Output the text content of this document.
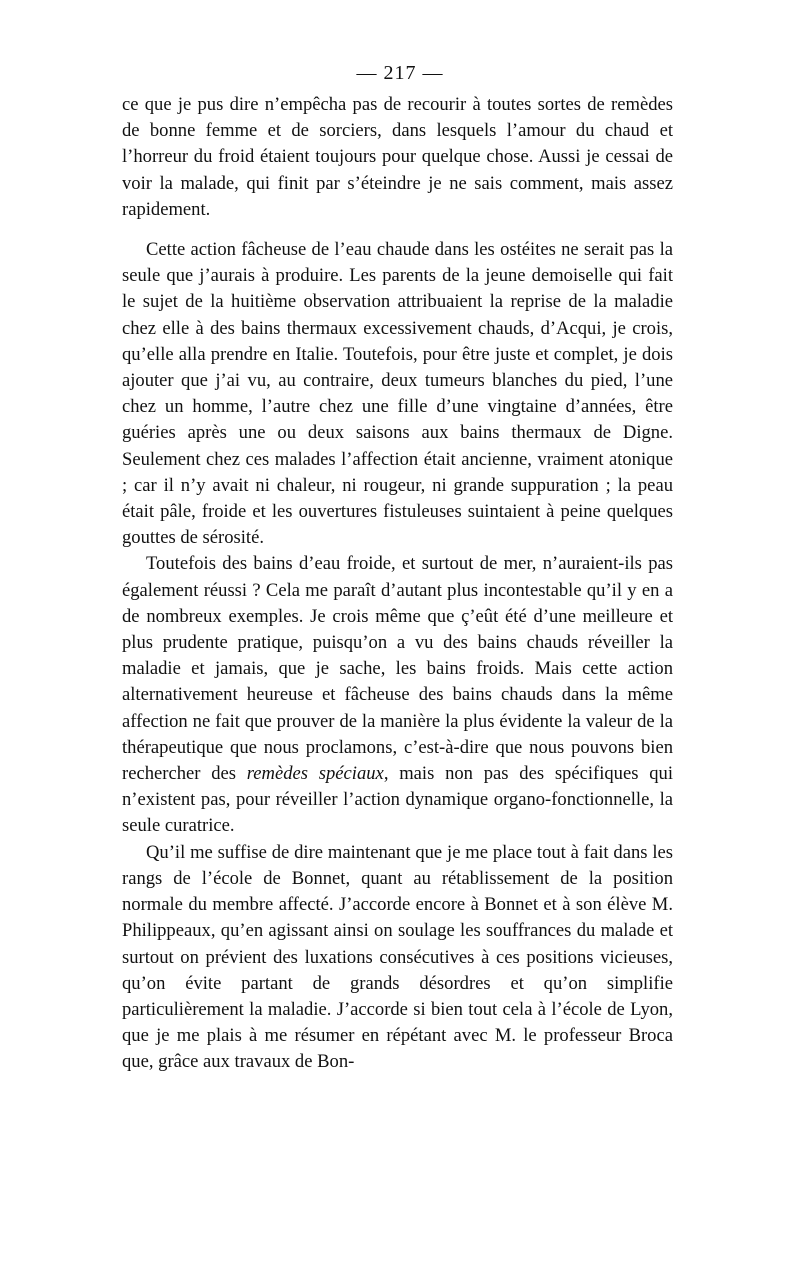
— 217 —

ce que je pus dire n’empêcha pas de recourir à toutes sortes de remèdes de bonne femme et de sorciers, dans lesquels l’amour du chaud et l’horreur du froid étaient toujours pour quelque chose. Aussi je cessai de voir la malade, qui finit par s’éteindre je ne sais comment, mais assez rapidement.

Cette action fâcheuse de l’eau chaude dans les ostéites ne serait pas la seule que j’aurais à produire. Les parents de la jeune demoiselle qui fait le sujet de la huitième observation attribuaient la reprise de la maladie chez elle à des bains thermaux excessivement chauds, d’Acqui, je crois, qu’elle alla prendre en Italie. Toutefois, pour être juste et complet, je dois ajouter que j’ai vu, au contraire, deux tumeurs blanches du pied, l’une chez un homme, l’autre chez une fille d’une vingtaine d’années, être guéries après une ou deux saisons aux bains thermaux de Digne. Seulement chez ces malades l’affection était ancienne, vraiment atonique ; car il n’y avait ni chaleur, ni rougeur, ni grande suppuration ; la peau était pâle, froide et les ouvertures fistuleuses suintaient à peine quelques gouttes de sérosité.

Toutefois des bains d’eau froide, et surtout de mer, n’auraient-ils pas également réussi ? Cela me paraît d’autant plus incontestable qu’il y en a de nombreux exemples. Je crois même que ç’eût été d’une meilleure et plus prudente pratique, puisqu’on a vu des bains chauds réveiller la maladie et jamais, que je sache, les bains froids. Mais cette action alternativement heureuse et fâcheuse des bains chauds dans la même affection ne fait que prouver de la manière la plus évidente la valeur de la thérapeutique que nous proclamons, c’est-à-dire que nous pouvons bien rechercher des remèdes spéciaux, mais non pas des spécifiques qui n’existent pas, pour réveiller l’action dynamique organo-fonctionnelle, la seule curatrice.

Qu’il me suffise de dire maintenant que je me place tout à fait dans les rangs de l’école de Bonnet, quant au rétablissement de la position normale du membre affecté. J’accorde encore à Bonnet et à son élève M. Philippeaux, qu’en agissant ainsi on soulage les souffrances du malade et surtout on prévient des luxations consécutives à ces positions vicieuses, qu’on évite partant de grands désordres et qu’on simplifie particulièrement la maladie. J’accorde si bien tout cela à l’école de Lyon, que je me plais à me résumer en répétant avec M. le professeur Broca que, grâce aux travaux de Bon-
